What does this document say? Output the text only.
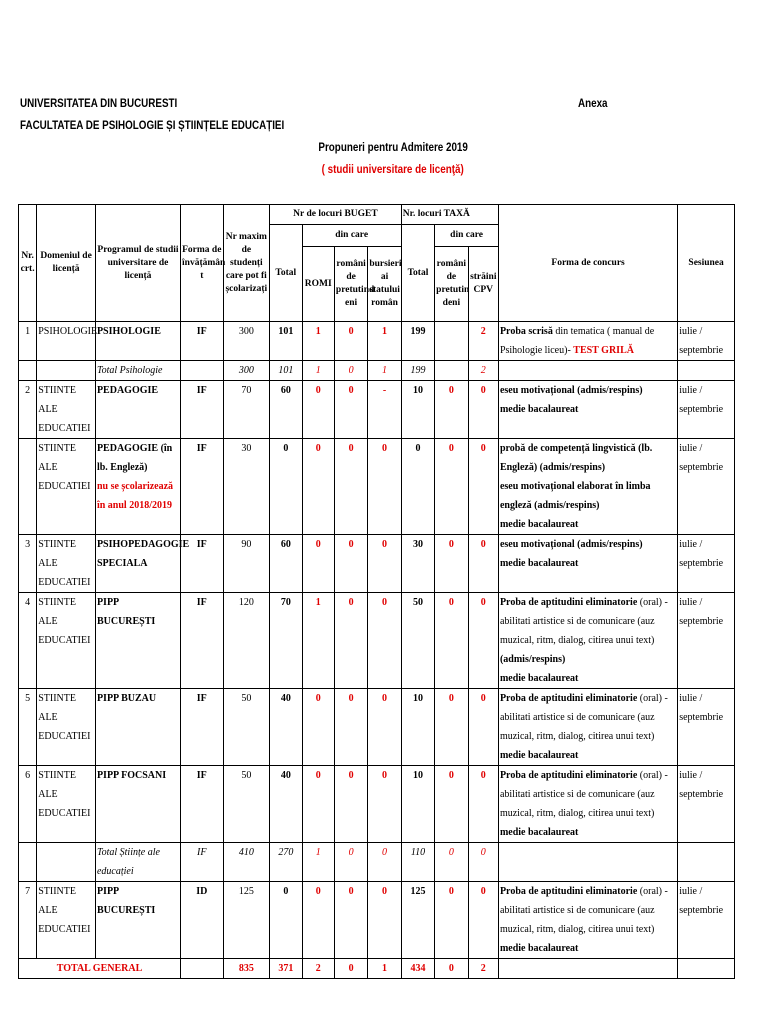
UNIVERSITATEA DIN BUCURESTI
FACULTATEA DE PSIHOLOGIE ȘI ȘTIINȚELE EDUCAȚIEI
Anexa
Propuneri pentru Admitere 2019
( studii universitare de licenţă)
Nr. crt.	Domeniul de licență	Programul de studii universitare de licență	Forma de învățămân t	Nr maxim de studenți care pot fi școlarizați	Nr de locuri BUGET				Nr. locuri TAXĂ			Forma de concurs	Sesiunea
					Total	din care			Total	din care			
						ROMI	români de pretutind eni	bursieri ai statului român		români de pretutin deni	străini CPV		
1	PSIHOLOGIE	PSIHOLOGIE	IF	300	101	1	0	1	199		2	Proba scrisă din tematica ( manual de Psihologie liceu)- TEST GRILĂ	iulie / septembrie
		Total Psihologie		300	101	1	0	1	199		2		
2	STIINTE ALE EDUCATIEI	PEDAGOGIE	IF	70	60	0	0	-	10	0	0	eseu motivațional (admis/respins)
medie bacalaureat	iulie / septembrie
	STIINTE ALE EDUCATIEI	PEDAGOGIE (în lb. Engleză)
nu se școlarizează în anul 2018/2019	IF	30	0	0	0	0	0	0	0	probă de competență lingvistică (lb. Engleză) (admis/respins)
eseu motivațional elaborat în limba engleză (admis/respins)
medie bacalaureat	iulie / septembrie
3	STIINTE ALE EDUCATIEI	PSIHOPEDAGOGIE SPECIALA	IF	90	60	0	0	0	30	0	0	eseu motivațional (admis/respins)
medie bacalaureat	iulie / septembrie
4	STIINTE ALE EDUCATIEI	PIPP BUCUREȘTI	IF	120	70	1	0	0	50	0	0	Proba de aptitudini eliminatorie (oral) - abilitati artistice si de comunicare (auz muzical, ritm, dialog, citirea unui text) (admis/respins)
medie bacalaureat	iulie / septembrie
5	STIINTE ALE EDUCATIEI	PIPP BUZAU	IF	50	40	0	0	0	10	0	0	Proba de aptitudini eliminatorie (oral) - abilitati artistice si de comunicare (auz muzical, ritm, dialog, citirea unui text)
medie bacalaureat	iulie / septembrie
6	STIINTE ALE EDUCATIEI	PIPP FOCSANI	IF	50	40	0	0	0	10	0	0	Proba de aptitudini eliminatorie (oral) - abilitati artistice si de comunicare (auz muzical, ritm, dialog, citirea unui text)
medie bacalaureat	iulie / septembrie
		Total Științe ale educației	IF	410	270	1	0	0	110	0	0		
7	STIINTE ALE EDUCATIEI	PIPP BUCUREȘTI	ID	125	0	0	0	0	125	0	0	Proba de aptitudini eliminatorie (oral) - abilitati artistice si de comunicare (auz muzical, ritm, dialog, citirea unui text)
medie bacalaureat	iulie / septembrie
TOTAL GENERAL				835	371	2	0	1	434	0	2		
